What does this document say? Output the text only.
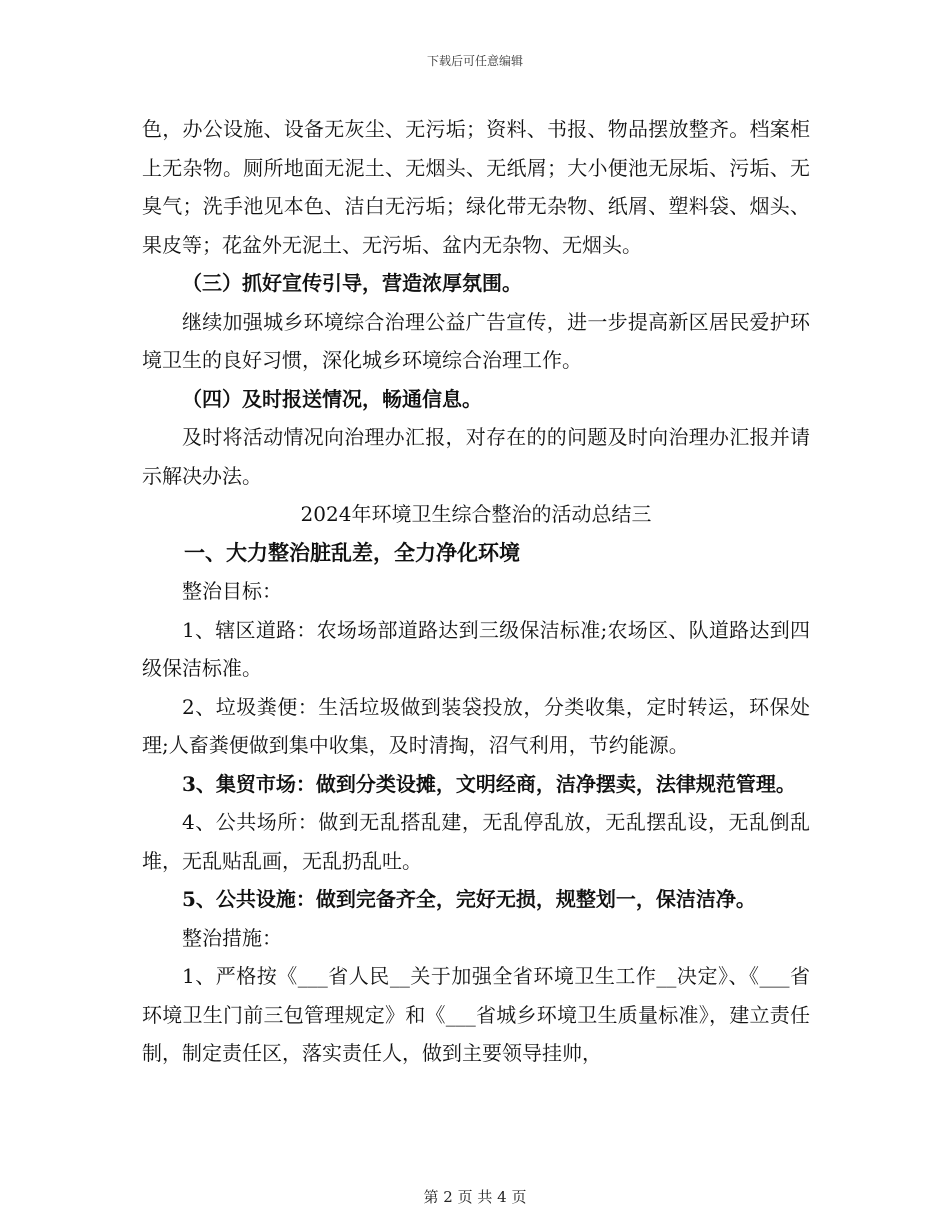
下载后可任意编辑

色，办公设施、设备无灰尘、无污垢；资料、书报、物品摆放整齐。档案柜上无杂物。厕所地面无泥土、无烟头、无纸屑；大小便池无尿垢、污垢、无臭气；洗手池见本色、洁白无污垢；绿化带无杂物、纸屑、塑料袋、烟头、果皮等；花盆外无泥土、无污垢、盆内无杂物、无烟头。

（三）抓好宣传引导，营造浓厚氛围。

继续加强城乡环境综合治理公益广告宣传，进一步提高新区居民爱护环境卫生的良好习惯，深化城乡环境综合治理工作。

（四）及时报送情况，畅通信息。

及时将活动情况向治理办汇报，对存在的的问题及时向治理办汇报并请示解决办法。

2024年环境卫生综合整治的活动总结三

一、大力整治脏乱差，全力净化环境

整治目标：

1、辖区道路：农场场部道路达到三级保洁标准;农场区、队道路达到四级保洁标准。

2、垃圾粪便：生活垃圾做到装袋投放，分类收集，定时转运，环保处理;人畜粪便做到集中收集，及时清掏，沼气利用，节约能源。

3、集贸市场：做到分类设摊，文明经商，洁净摆卖，法律规范管理。

4、公共场所：做到无乱搭乱建，无乱停乱放，无乱摆乱设，无乱倒乱堆，无乱贴乱画，无乱扔乱吐。

5、公共设施：做到完备齐全，完好无损，规整划一，保洁洁净。

整治措施：

1、严格按《___省人民__关于加强全省环境卫生工作__决定》、《___省环境卫生门前三包管理规定》和《___省城乡环境卫生质量标准》，建立责任制，制定责任区，落实责任人，做到主要领导挂帅，

第 2 页 共 4 页
